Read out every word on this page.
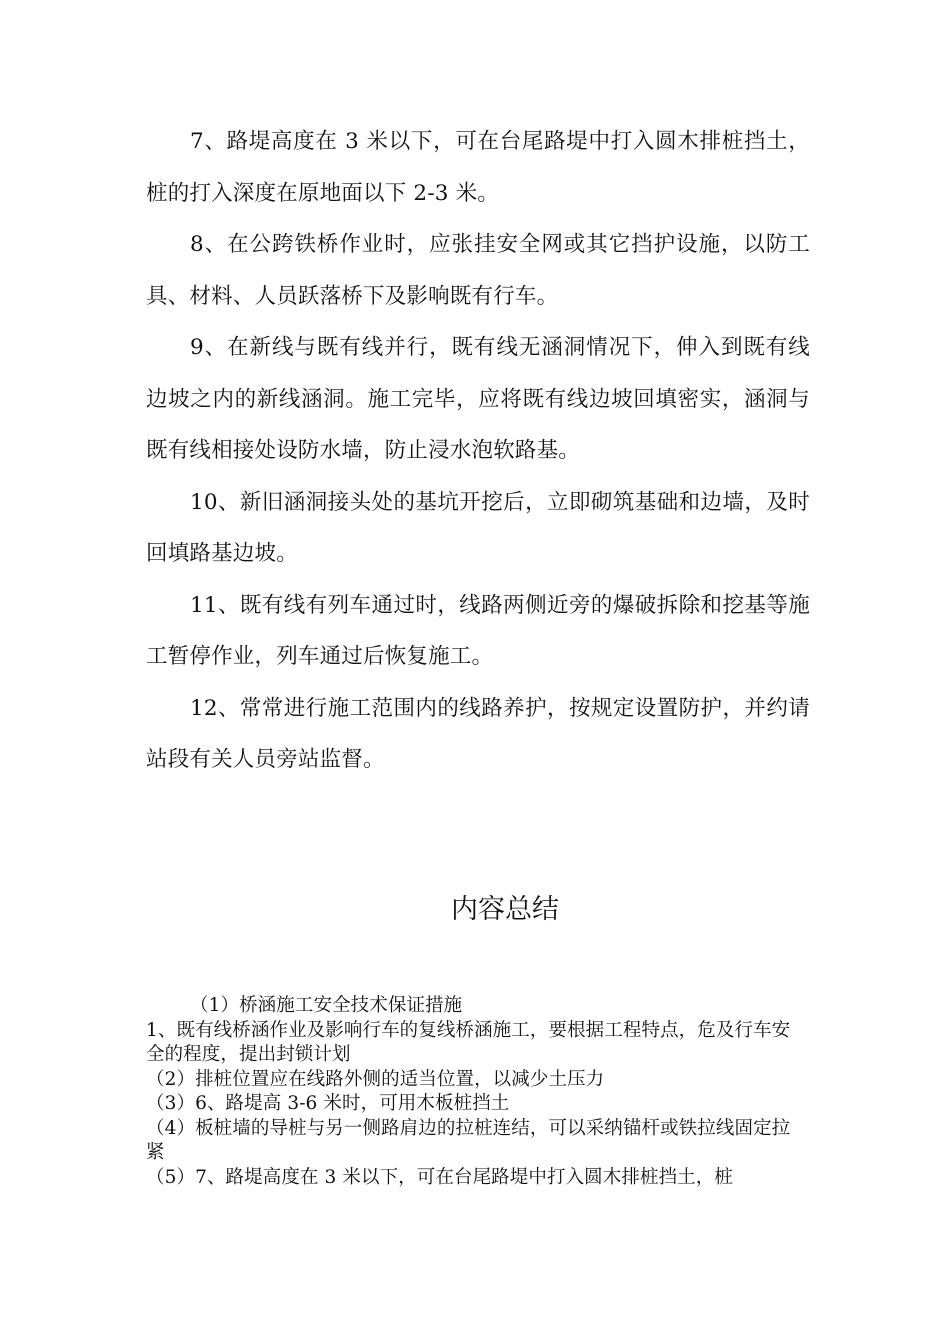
7、路堤高度在 3 米以下，可在台尾路堤中打入圆木排桩挡土，桩的打入深度在原地面以下 2-3 米。

8、在公跨铁桥作业时，应张挂安全网或其它挡护设施，以防工具、材料、人员跃落桥下及影响既有行车。

9、在新线与既有线并行，既有线无涵洞情况下，伸入到既有线边坡之内的新线涵洞。施工完毕，应将既有线边坡回填密实，涵洞与既有线相接处设防水墙，防止浸水泡软路基。

10、新旧涵洞接头处的基坑开挖后，立即砌筑基础和边墙，及时回填路基边坡。

11、既有线有列车通过时，线路两侧近旁的爆破拆除和挖基等施工暂停作业，列车通过后恢复施工。

12、常常进行施工范围内的线路养护，按规定设置防护，并约请站段有关人员旁站监督。

内容总结

（1）桥涵施工安全技术保证措施

1、既有线桥涵作业及影响行车的复线桥涵施工，要根据工程特点，危及行车安全的程度，提出封锁计划

（2）排桩位置应在线路外侧的适当位置，以减少土压力

（3）6、路堤高 3-6 米时，可用木板桩挡土

（4）板桩墙的导桩与另一侧路肩边的拉桩连结，可以采纳锚杆或铁拉线固定拉紧

（5）7、路堤高度在 3 米以下，可在台尾路堤中打入圆木排桩挡土，桩
